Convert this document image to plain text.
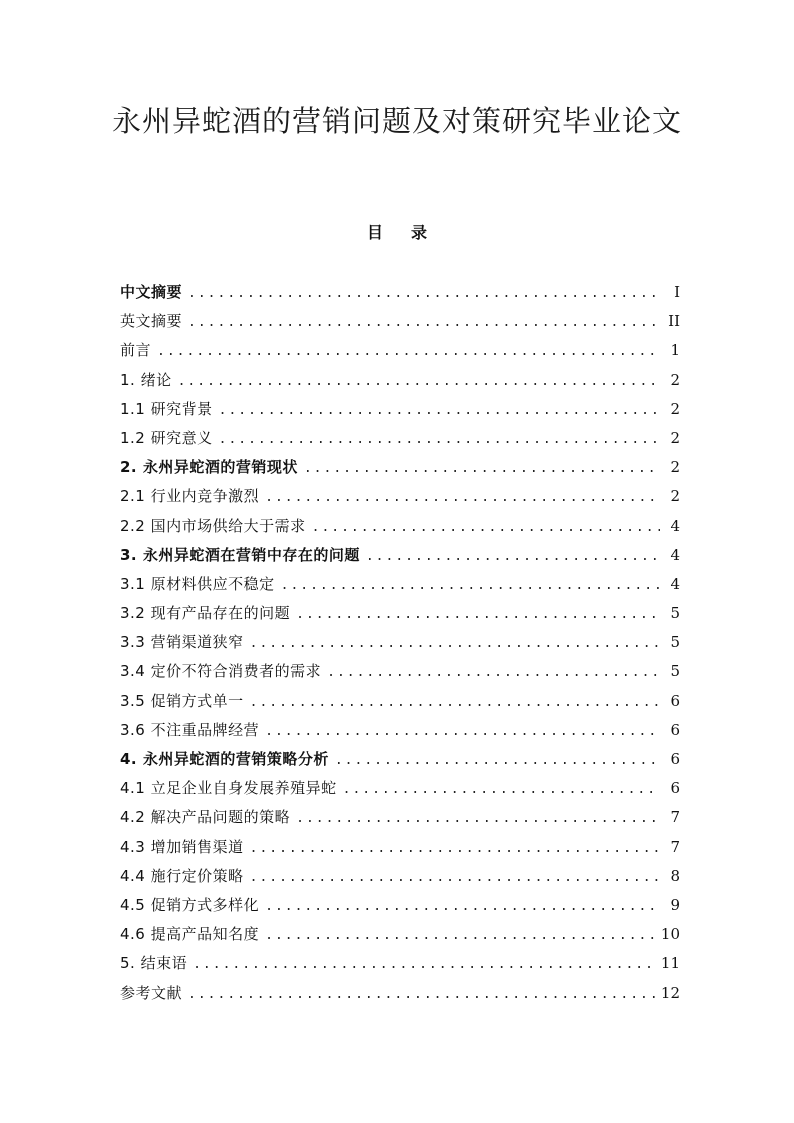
永州异蛇酒的营销问题及对策研究毕业论文
目录
中文摘要 .....	I
英文摘要 .....	II
前言 .....	1
1. 绪论 .....	2
1.1 研究背景 .....	2
1.2 研究意义 .....	2
2. 永州异蛇酒的营销现状 .....	2
2.1 行业内竞争激烈 .....	2
2.2 国内市场供给大于需求 .....	4
3. 永州异蛇酒在营销中存在的问题 .....	4
3.1 原材料供应不稳定 .....	4
3.2 现有产品存在的问题 .....	5
3.3 营销渠道狭窄 .....	5
3.4 定价不符合消费者的需求 .....	5
3.5 促销方式单一 .....	6
3.6 不注重品牌经营 .....	6
4. 永州异蛇酒的营销策略分析 .....	6
4.1 立足企业自身发展养殖异蛇 .....	6
4.2 解决产品问题的策略 .....	7
4.3 增加销售渠道 .....	7
4.4 施行定价策略 .....	8
4.5 促销方式多样化 .....	9
4.6 提高产品知名度 .....	10
5. 结束语 .....	11
参考文献 .....	12
